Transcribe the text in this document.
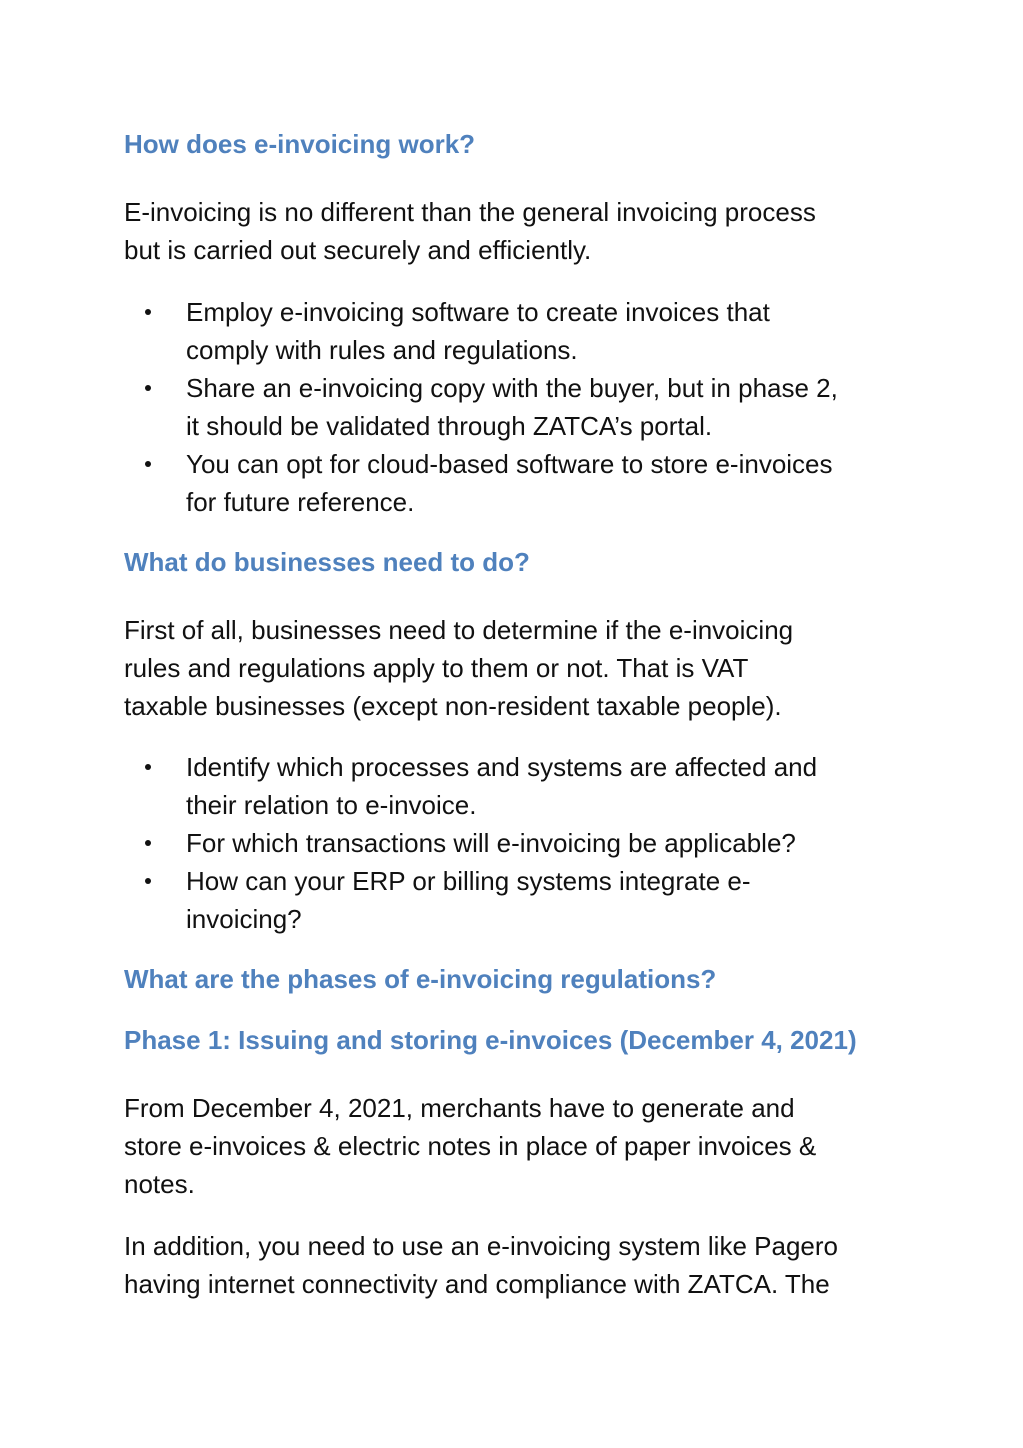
How does e-invoicing work?
E-invoicing is no different than the general invoicing process
but is carried out securely and efficiently.
Employ e-invoicing software to create invoices that
comply with rules and regulations.
Share an e-invoicing copy with the buyer, but in phase 2,
it should be validated through ZATCA’s portal.
You can opt for cloud-based software to store e-invoices
for future reference.
What do businesses need to do?
First of all, businesses need to determine if the e-invoicing
rules and regulations apply to them or not. That is VAT
taxable businesses (except non-resident taxable people).
Identify which processes and systems are affected and
their relation to e-invoice.
For which transactions will e-invoicing be applicable?
How can your ERP or billing systems integrate e-
invoicing?
What are the phases of e-invoicing regulations?
Phase 1: Issuing and storing e-invoices (December 4, 2021)
From December 4, 2021, merchants have to generate and
store e-invoices & electric notes in place of paper invoices &
notes.
In addition, you need to use an e-invoicing system like Pagero
having internet connectivity and compliance with ZATCA. The
